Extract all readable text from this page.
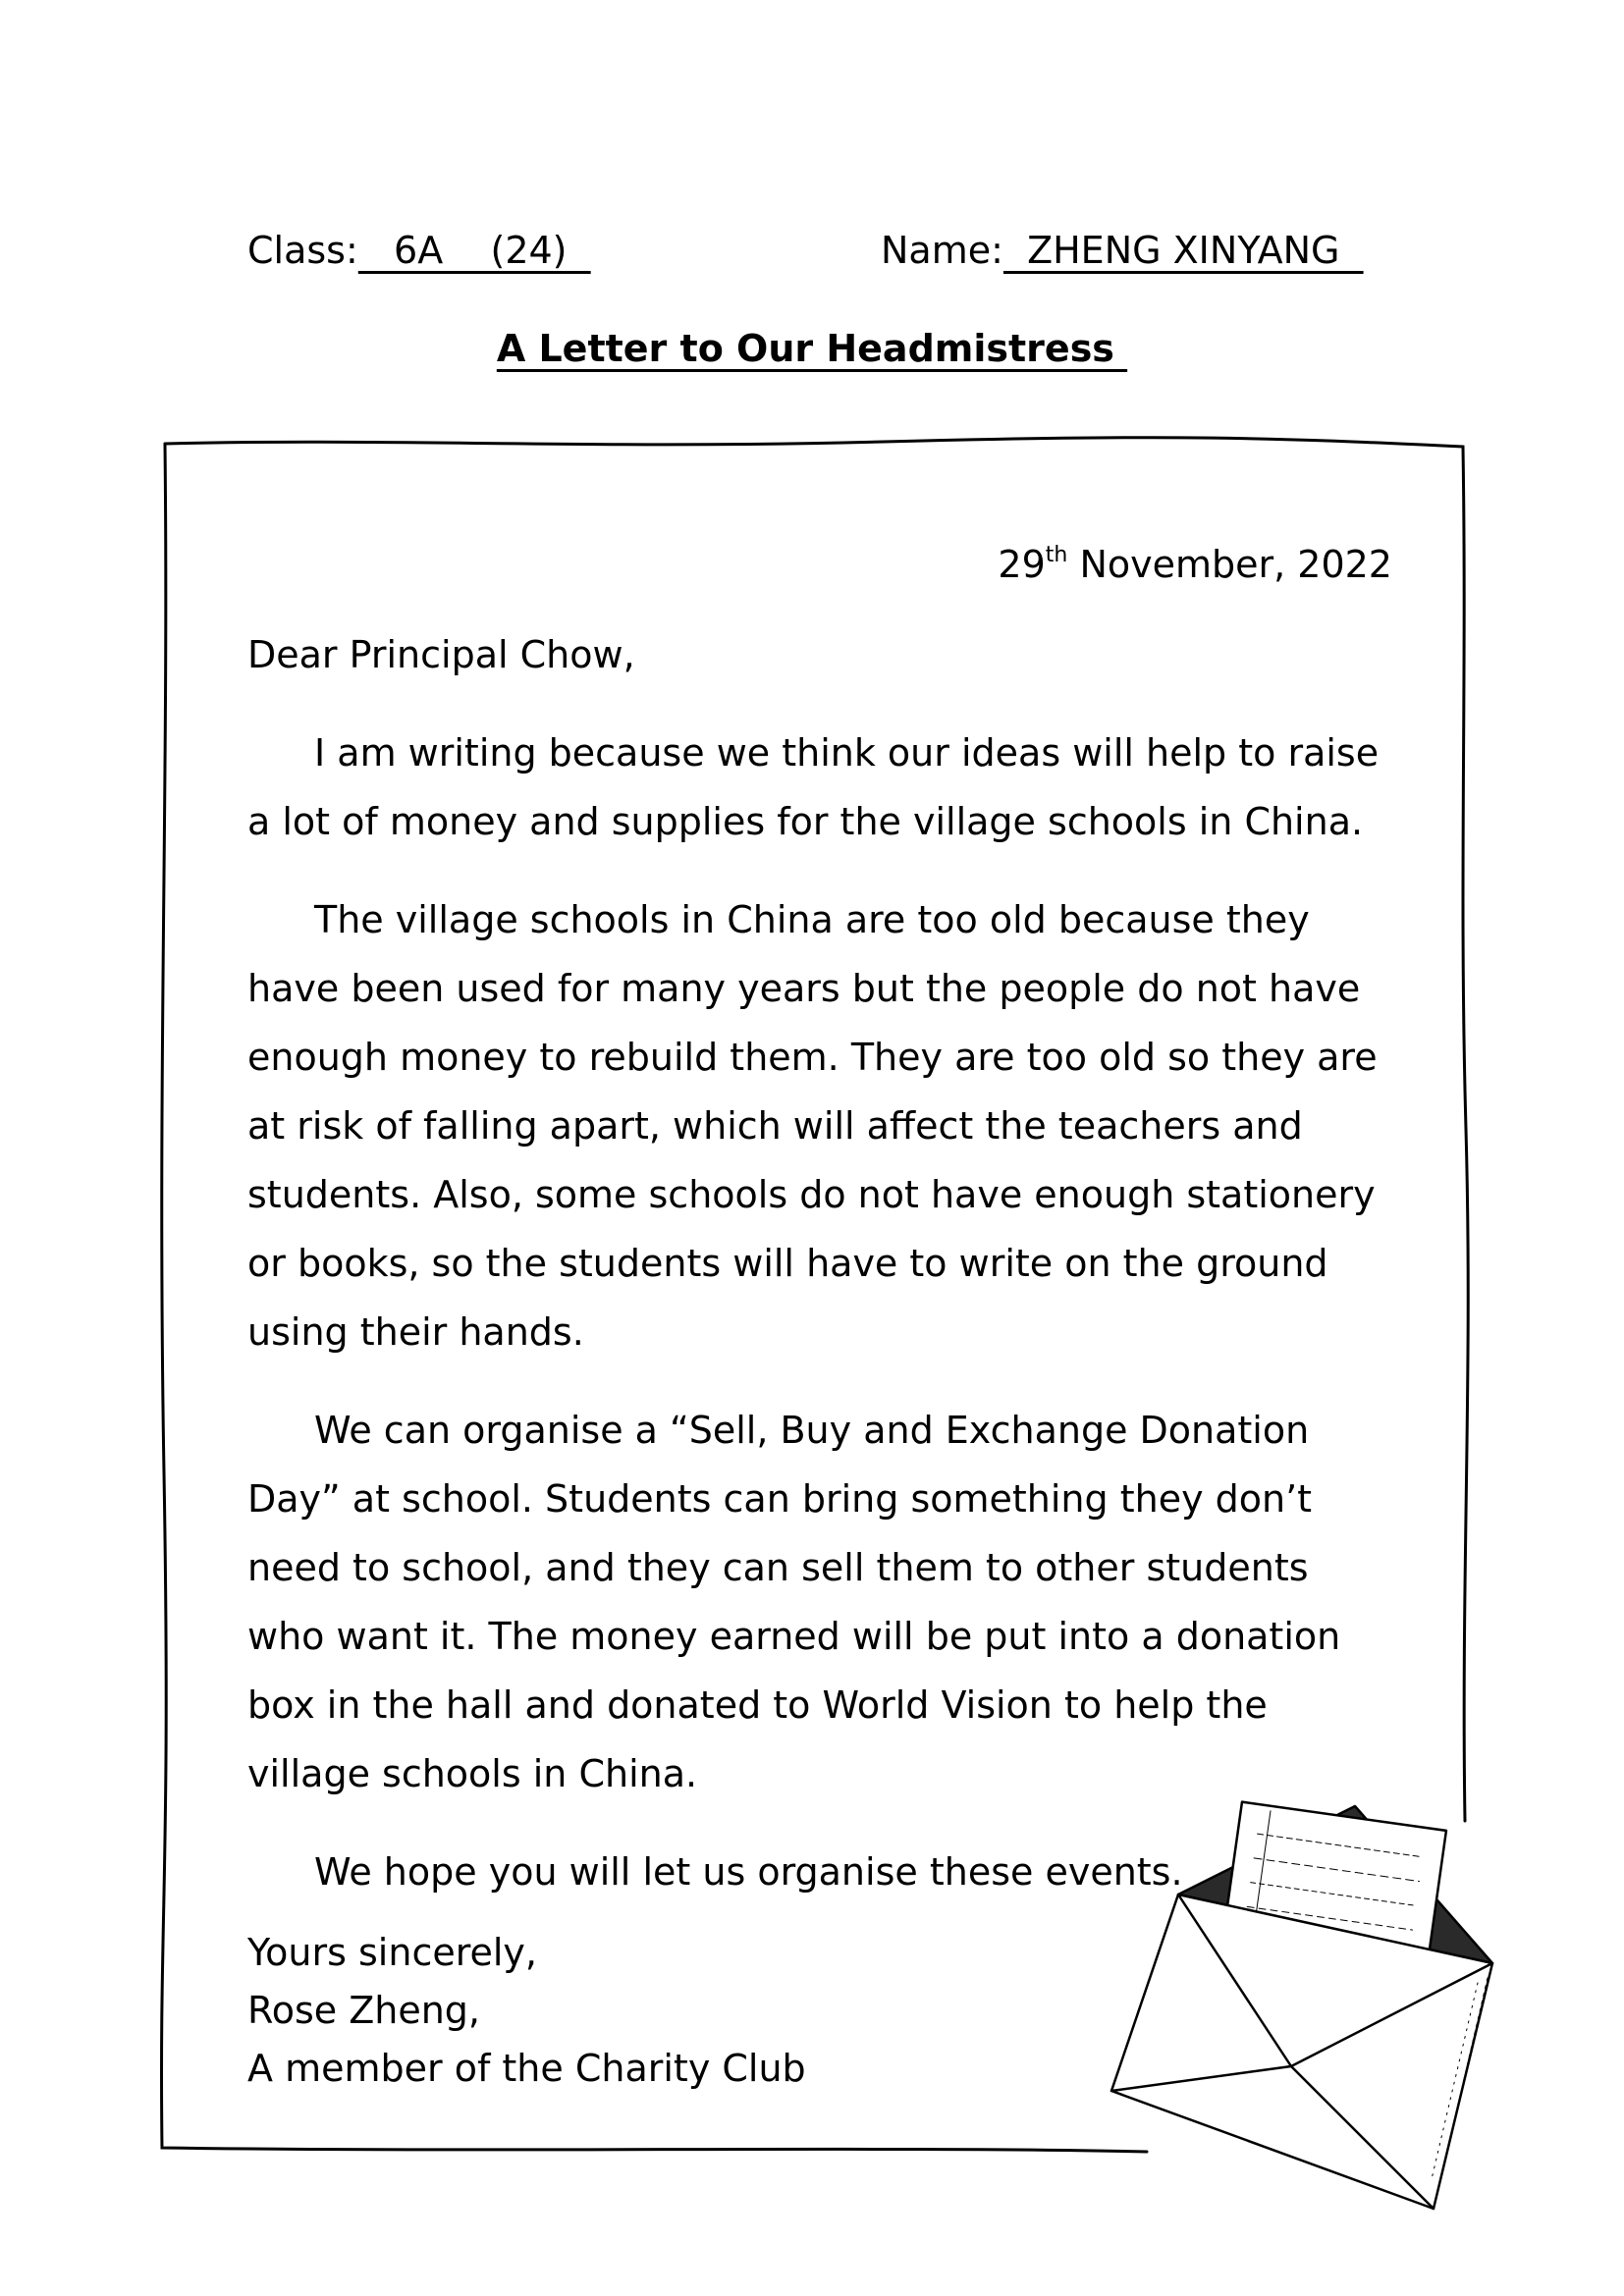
Class:   6A    (24)	Name:  ZHENG XINYANG
A Letter to Our Headmistress

29th November, 2022

Dear Principal Chow,

I am writing because we think our ideas will help to raise a lot of money and supplies for the village schools in China.

The village schools in China are too old because they have been used for many years but the people do not have enough money to rebuild them. They are too old so they are at risk of falling apart, which will affect the teachers and students. Also, some schools do not have enough stationery or books, so the students will have to write on the ground using their hands.

We can organise a “Sell, Buy and Exchange Donation Day” at school. Students can bring something they don’t need to school, and they can sell them to other students who want it. The money earned will be put into a donation box in the hall and donated to World Vision to help the village schools in China.

We hope you will let us organise these events.

Yours sincerely,
Rose Zheng,
A member of the Charity Club
